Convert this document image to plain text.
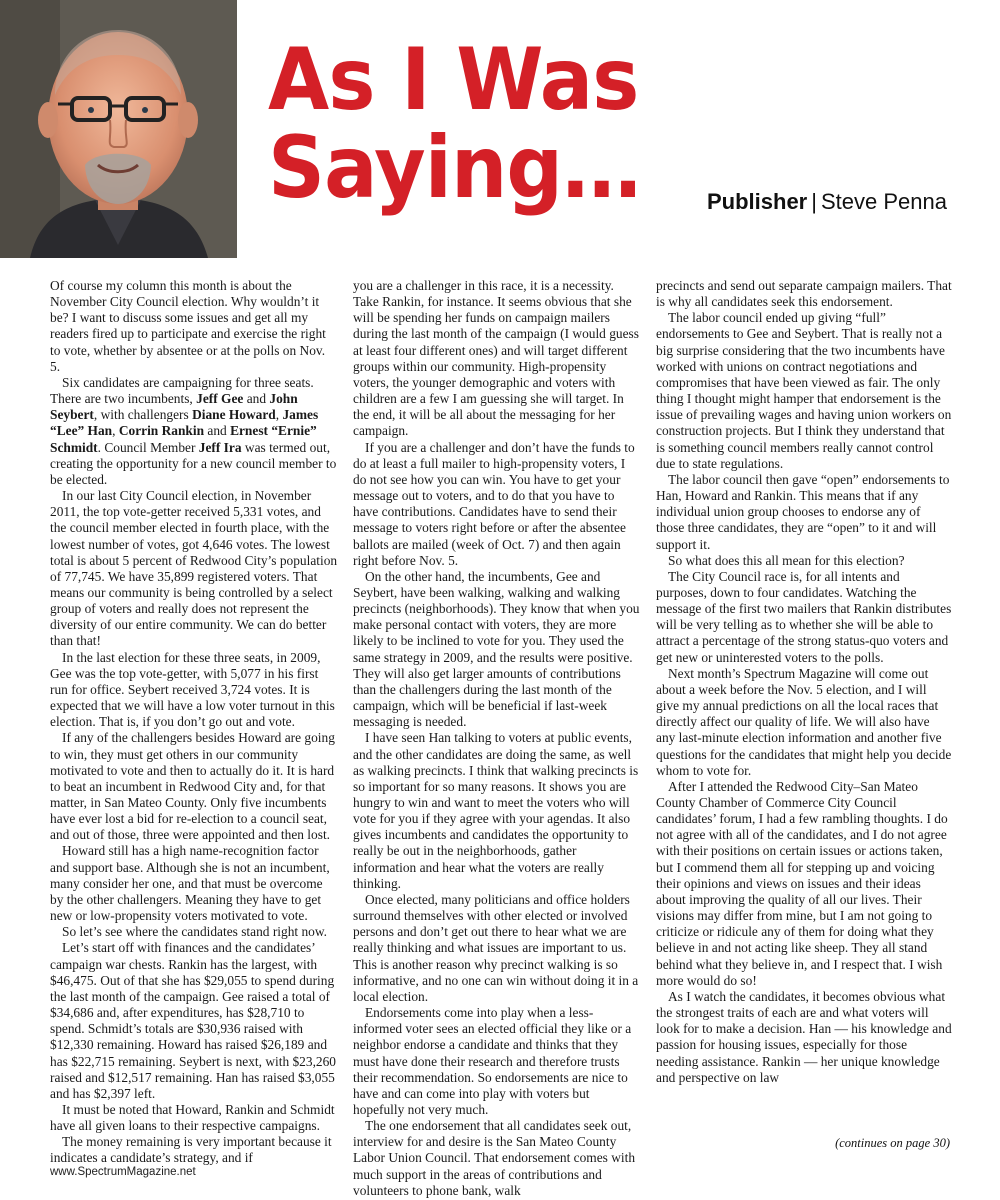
As I Was
Saying…	Publisher | Steve Penna

Of course my column this month is about the November City Council election. Why wouldn’t it be? I want to discuss some issues and get all my readers fired up to participate and exercise the right to vote, whether by absentee or at the polls on Nov. 5.

Six candidates are campaigning for three seats. There are two incumbents, Jeff Gee and John Seybert, with challengers Diane Howard, James “Lee” Han, Corrin Rankin and Ernest “Ernie” Schmidt. Council Member Jeff Ira was termed out, creating the opportunity for a new council member to be elected.

In our last City Council election, in November 2011, the top vote-getter received 5,331 votes, and the council member elected in fourth place, with the lowest number of votes, got 4,646 votes. The lowest total is about 5 percent of Redwood City’s population of 77,745. We have 35,899 registered voters. That means our community is being controlled by a select group of voters and really does not represent the diversity of our entire community. We can do better than that!

In the last election for these three seats, in 2009, Gee was the top vote-getter, with 5,077 in his first run for office. Seybert received 3,724 votes. It is expected that we will have a low voter turnout in this election. That is, if you don’t go out and vote.

If any of the challengers besides Howard are going to win, they must get others in our community motivated to vote and then to actually do it. It is hard to beat an incumbent in Redwood City and, for that matter, in San Mateo County. Only five incumbents have ever lost a bid for re-election to a council seat, and out of those, three were appointed and then lost.

Howard still has a high name-recognition factor and support base. Although she is not an incumbent, many consider her one, and that must be overcome by the other challengers. Meaning they have to get new or low-propensity voters motivated to vote.

So let’s see where the candidates stand right now.

Let’s start off with finances and the candidates’ campaign war chests. Rankin has the largest, with $46,475. Out of that she has $29,055 to spend during the last month of the campaign. Gee raised a total of $34,686 and, after expenditures, has $28,710 to spend. Schmidt’s totals are $30,936 raised with $12,330 remaining. Howard has raised $26,189 and has $22,715 remaining. Seybert is next, with $23,260 raised and $12,517 remaining. Han has raised $3,055 and has $2,397 left.

It must be noted that Howard, Rankin and Schmidt have all given loans to their respective campaigns.

The money remaining is very important because it indicates a candidate’s strategy, and if

you are a challenger in this race, it is a necessity. Take Rankin, for instance. It seems obvious that she will be spending her funds on campaign mailers during the last month of the campaign (I would guess at least four different ones) and will target different groups within our community. High-propensity voters, the younger demographic and voters with children are a few I am guessing she will target. In the end, it will be all about the messaging for her campaign.

If you are a challenger and don’t have the funds to do at least a full mailer to high-propensity voters, I do not see how you can win. You have to get your message out to voters, and to do that you have to have contributions. Candidates have to send their message to voters right before or after the absentee ballots are mailed (week of Oct. 7) and then again right before Nov. 5.

On the other hand, the incumbents, Gee and Seybert, have been walking, walking and walking precincts (neighborhoods). They know that when you make personal contact with voters, they are more likely to be inclined to vote for you. They used the same strategy in 2009, and the results were positive. They will also get larger amounts of contributions than the challengers during the last month of the campaign, which will be beneficial if last-week messaging is needed.

I have seen Han talking to voters at public events, and the other candidates are doing the same, as well as walking precincts. I think that walking precincts is so important for so many reasons. It shows you are hungry to win and want to meet the voters who will vote for you if they agree with your agendas. It also gives incumbents and candidates the opportunity to really be out in the neighborhoods, gather information and hear what the voters are really thinking.

Once elected, many politicians and office holders surround themselves with other elected or involved persons and don’t get out there to hear what we are really thinking and what issues are important to us. This is another reason why precinct walking is so informative, and no one can win without doing it in a local election.

Endorsements come into play when a less-informed voter sees an elected official they like or a neighbor endorse a candidate and thinks that they must have done their research and therefore trusts their recommendation. So endorsements are nice to have and can come into play with voters but hopefully not very much.

The one endorsement that all candidates seek out, interview for and desire is the San Mateo County Labor Union Council. That endorsement comes with much support in the areas of contributions and volunteers to phone bank, walk

precincts and send out separate campaign mailers. That is why all candidates seek this endorsement.

The labor council ended up giving “full” endorsements to Gee and Seybert. That is really not a big surprise considering that the two incumbents have worked with unions on contract negotiations and compromises that have been viewed as fair. The only thing I thought might hamper that endorsement is the issue of prevailing wages and having union workers on construction projects. But I think they understand that is something council members really cannot control due to state regulations.

The labor council then gave “open” endorsements to Han, Howard and Rankin. This means that if any individual union group chooses to endorse any of those three candidates, they are “open” to it and will support it.

So what does this all mean for this election?

The City Council race is, for all intents and purposes, down to four candidates. Watching the message of the first two mailers that Rankin distributes will be very telling as to whether she will be able to attract a percentage of the strong status-quo voters and get new or uninterested voters to the polls.

Next month’s Spectrum Magazine will come out about a week before the Nov. 5 election, and I will give my annual predictions on all the local races that directly affect our quality of life. We will also have any last-minute election information and another five questions for the candidates that might help you decide whom to vote for.

After I attended the Redwood City–San Mateo County Chamber of Commerce City Council candidates’ forum, I had a few rambling thoughts. I do not agree with all of the candidates, and I do not agree with their positions on certain issues or actions taken, but I commend them all for stepping up and voicing their opinions and views on issues and their ideas about improving the quality of all our lives. Their visions may differ from mine, but I am not going to criticize or ridicule any of them for doing what they believe in and not acting like sheep. They all stand behind what they believe in, and I respect that. I wish more would do so!

As I watch the candidates, it becomes obvious what the strongest traits of each are and what voters will look for to make a decision. Han — his knowledge and passion for housing issues, especially for those needing assistance. Rankin — her unique knowledge and perspective on law

(continues on page 30)
www.SpectrumMagazine.net
